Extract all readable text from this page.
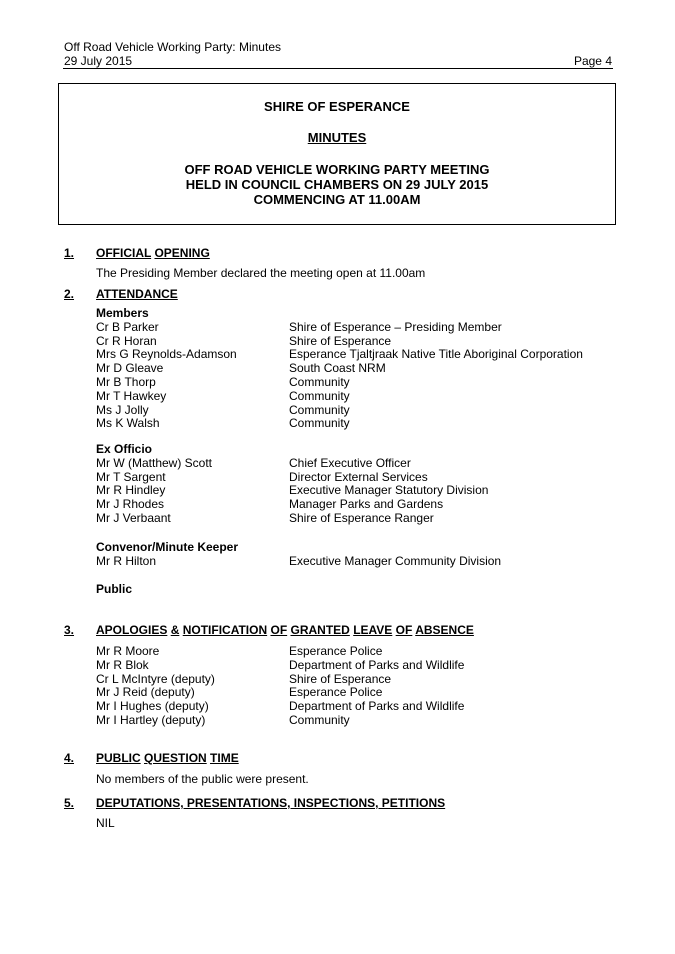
Off Road Vehicle Working Party: Minutes
29 July 2015	Page 4
SHIRE OF ESPERANCE
MINUTES
OFF ROAD VEHICLE WORKING PARTY MEETING
HELD IN COUNCIL CHAMBERS ON 29 JULY 2015
COMMENCING AT 11.00AM
1. OFFICIAL OPENING
The Presiding Member declared the meeting open at 11.00am
2. ATTENDANCE
Members
Cr B Parker	Shire of Esperance – Presiding Member
Cr R Horan	Shire of Esperance
Mrs G Reynolds-Adamson	Esperance Tjaltjraak Native Title Aboriginal Corporation
Mr D Gleave	South Coast NRM
Mr B Thorp	Community
Mr T Hawkey	Community
Ms J Jolly	Community
Ms K Walsh	Community
Ex Officio
Mr W (Matthew) Scott	Chief Executive Officer
Mr T Sargent	Director External Services
Mr R Hindley	Executive Manager Statutory Division
Mr J Rhodes	Manager Parks and Gardens
Mr J Verbaant	Shire of Esperance Ranger
Convenor/Minute Keeper
Mr R Hilton	Executive Manager Community Division
Public
3. APOLOGIES & NOTIFICATION OF GRANTED LEAVE OF ABSENCE
Mr R Moore	Esperance Police
Mr R Blok	Department of Parks and Wildlife
Cr L McIntyre (deputy)	Shire of Esperance
Mr J Reid (deputy)	Esperance Police
Mr I Hughes (deputy)	Department of Parks and Wildlife
Mr I Hartley (deputy)	Community
4. PUBLIC QUESTION TIME
No members of the public were present.
5. DEPUTATIONS, PRESENTATIONS, INSPECTIONS, PETITIONS
NIL
